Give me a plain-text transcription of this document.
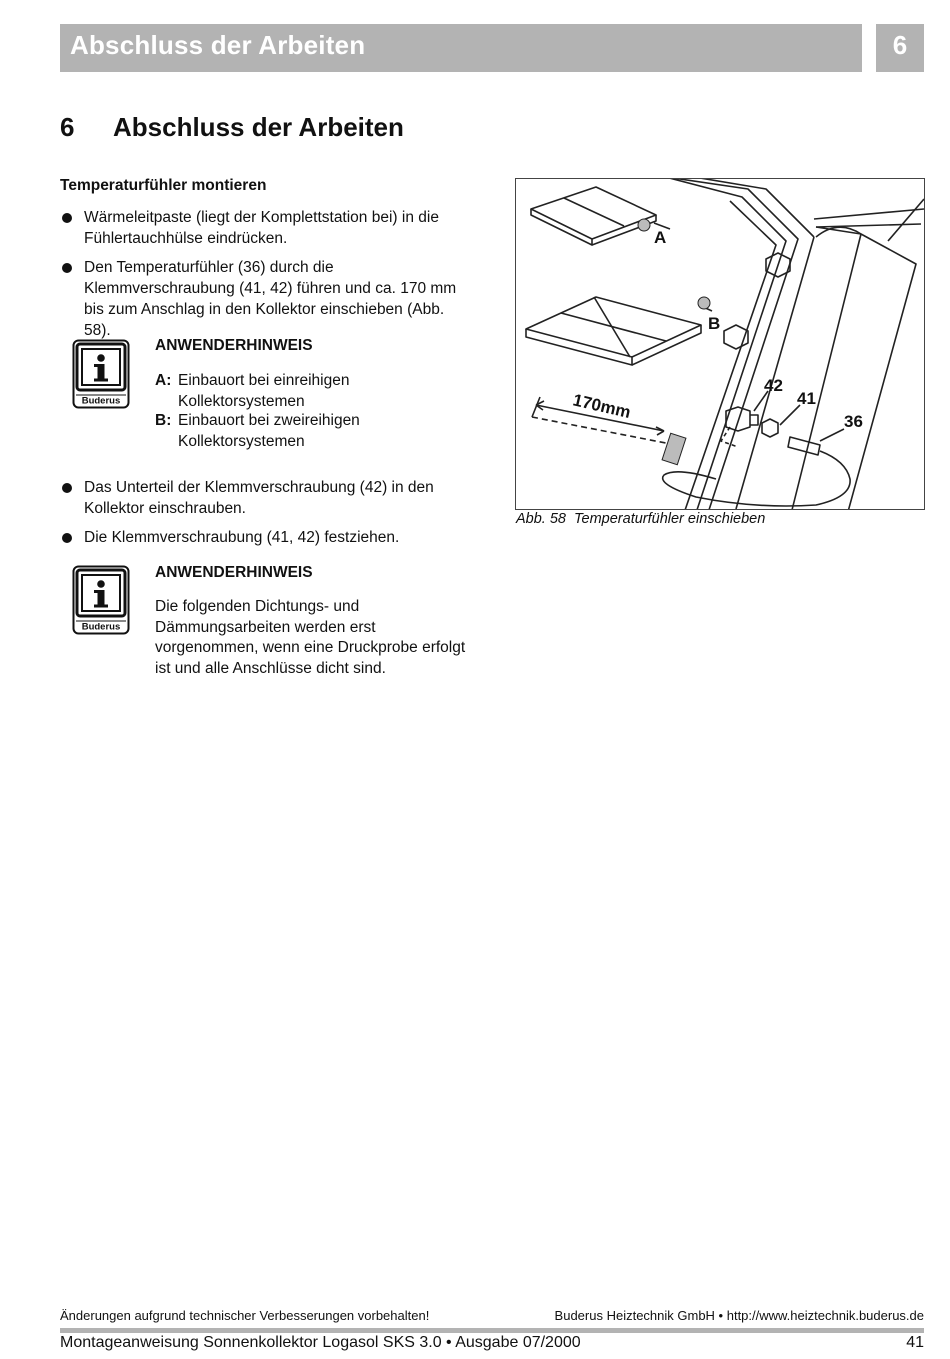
Abschluss der Arbeiten	6
6 Abschluss der Arbeiten
Temperaturfühler montieren
Wärmeleitpaste (liegt der Komplettstation bei) in die Fühlertauchhülse eindrücken.
Den Temperaturfühler (36) durch die Klemmverschraubung (41, 42) führen und ca. 170 mm bis zum Anschlag in den Kollektor einschieben (Abb. 58).
Buderus
ANWENDERHINWEIS
A: Einbauort bei einreihigen Kollektorsystemen
B: Einbauort bei zweireihigen Kollektorsystemen
Das Unterteil der Klemmverschraubung (42) in den Kollektor einschrauben.
Die Klemmverschraubung (41, 42) festziehen.
Buderus
ANWENDERHINWEIS
Die folgenden Dichtungs- und Dämmungsarbeiten werden erst vorgenommen, wenn eine Druckprobe erfolgt ist und alle Anschlüsse dicht sind.
A
B
170mm
42
41
36
Abb. 58 Temperaturfühler einschieben
Änderungen aufgrund technischer Verbesserungen vorbehalten!	Buderus Heiztechnik GmbH • http://www.heiztechnik.buderus.de
Montageanweisung Sonnenkollektor Logasol SKS 3.0 • Ausgabe 07/2000	41
